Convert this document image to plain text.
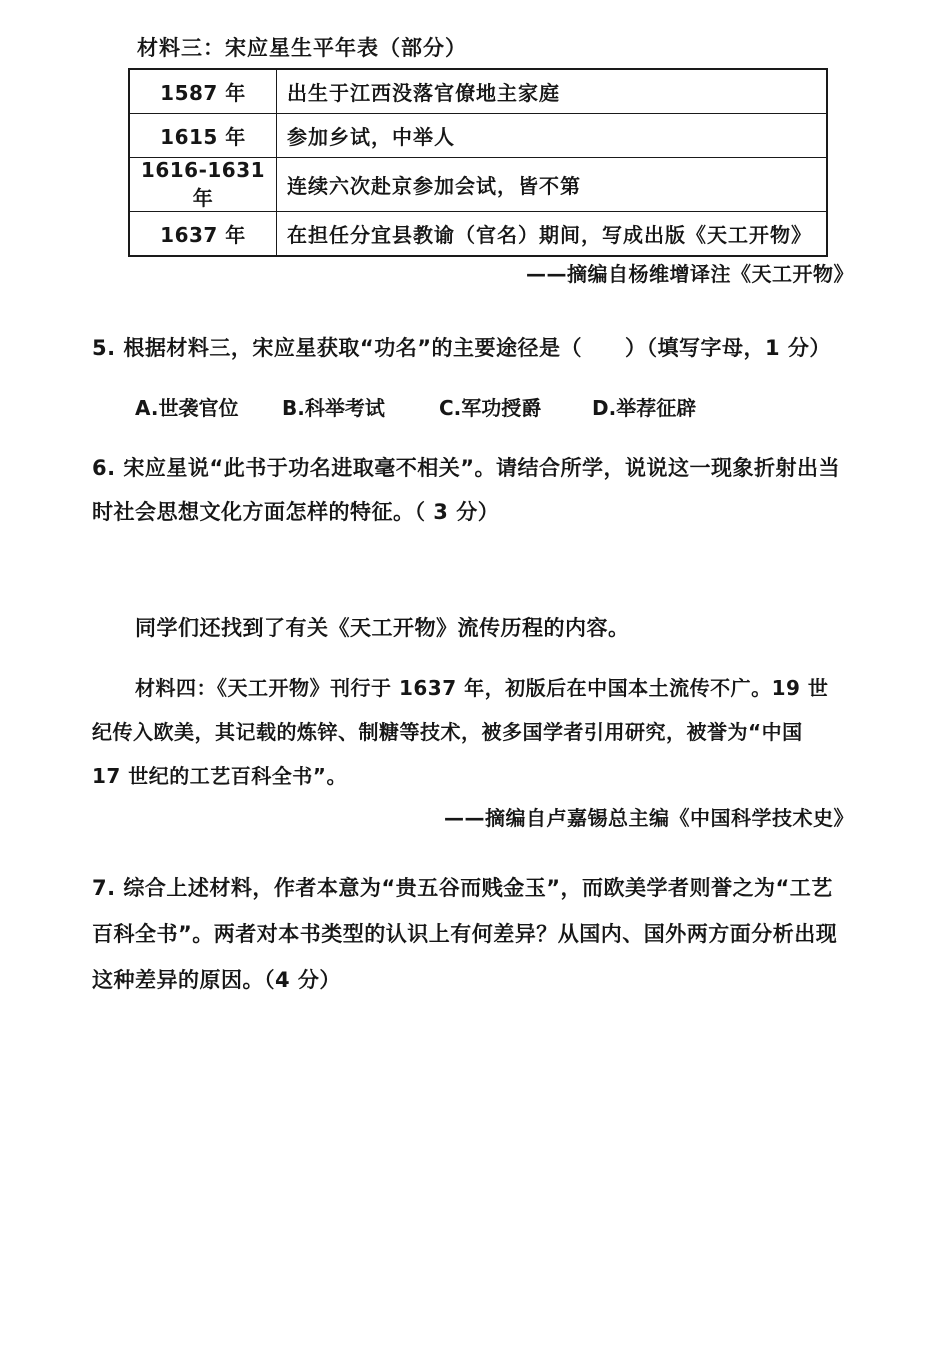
材料三：宋应星生平年表（部分）
1587 年	出生于江西没落官僚地主家庭
1615 年	参加乡试，中举人
1616-1631 年	连续六次赴京参加会试，皆不第
1637 年	在担任分宜县教谕（官名）期间，写成出版《天工开物》
——摘编自杨维增译注《天工开物》
5. 根据材料三，宋应星获取“功名”的主要途径是（　　）（填写字母，1 分）
A.世袭官位 B.科举考试	C.军功授爵	D.举荐征辟
6. 宋应星说“此书于功名进取毫不相关”。请结合所学，说说这一现象折射出当
时社会思想文化方面怎样的特征。（ 3 分）
同学们还找到了有关《天工开物》流传历程的内容。
材料四：《天工开物》刊行于 1637 年，初版后在中国本土流传不广。19 世
纪传入欧美，其记载的炼锌、制糖等技术，被多国学者引用研究，被誉为“中国
17 世纪的工艺百科全书”。
——摘编自卢嘉锡总主编《中国科学技术史》
7. 综合上述材料，作者本意为“贵五谷而贱金玉”，而欧美学者则誉之为“工艺
百科全书”。两者对本书类型的认识上有何差异？从国内、国外两方面分析出现
这种差异的原因。（4 分）
